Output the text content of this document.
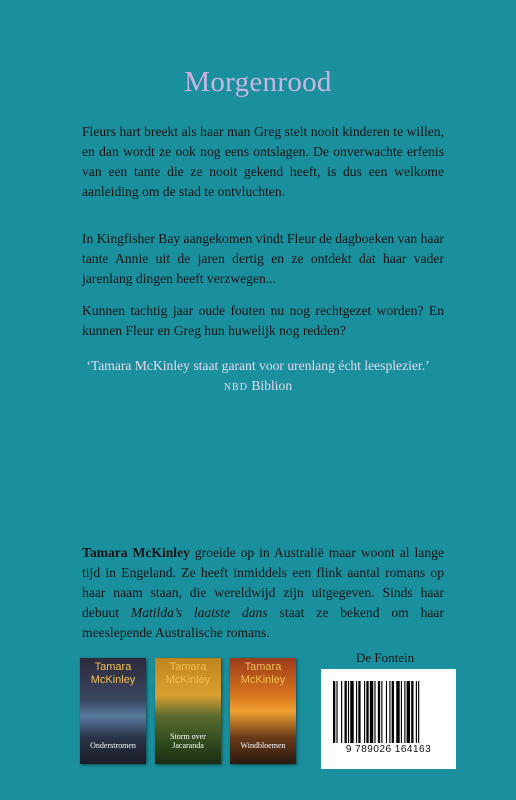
Morgenrood

Fleurs hart breekt als haar man Greg stelt nooit kinderen te willen, en dan wordt ze ook nog eens ontslagen. De onverwachte erfenis van een tante die ze nooit gekend heeft, is dus een welkome aanleiding om de stad te ontvluchten.

In Kingfisher Bay aangekomen vindt Fleur de dagboeken van haar tante Annie uit de jaren dertig en ze ontdekt dat haar vader jarenlang dingen heeft verzwegen...

Kunnen tachtig jaar oude fouten nu nog rechtgezet worden? En kunnen Fleur en Greg hun huwelijk nog redden?

‘Tamara McKinley staat garant voor urenlang écht leesplezier.’
NBD Biblion

Tamara McKinley groeide op in Australië maar woont al lange tijd in Engeland. Ze heeft inmiddels een flink aantal romans op haar naam staan, die wereldwijd zijn uitgegeven. Sinds haar debuut Matilda’s laatste dans staat ze bekend om haar meeslepende Australische romans.

Tamara
McKinley
Onderstromen
Tamara
McKinley
Storm over Jacaranda
Tamara
McKinley
Windbloemen
De Fontein
9 789026 164163
